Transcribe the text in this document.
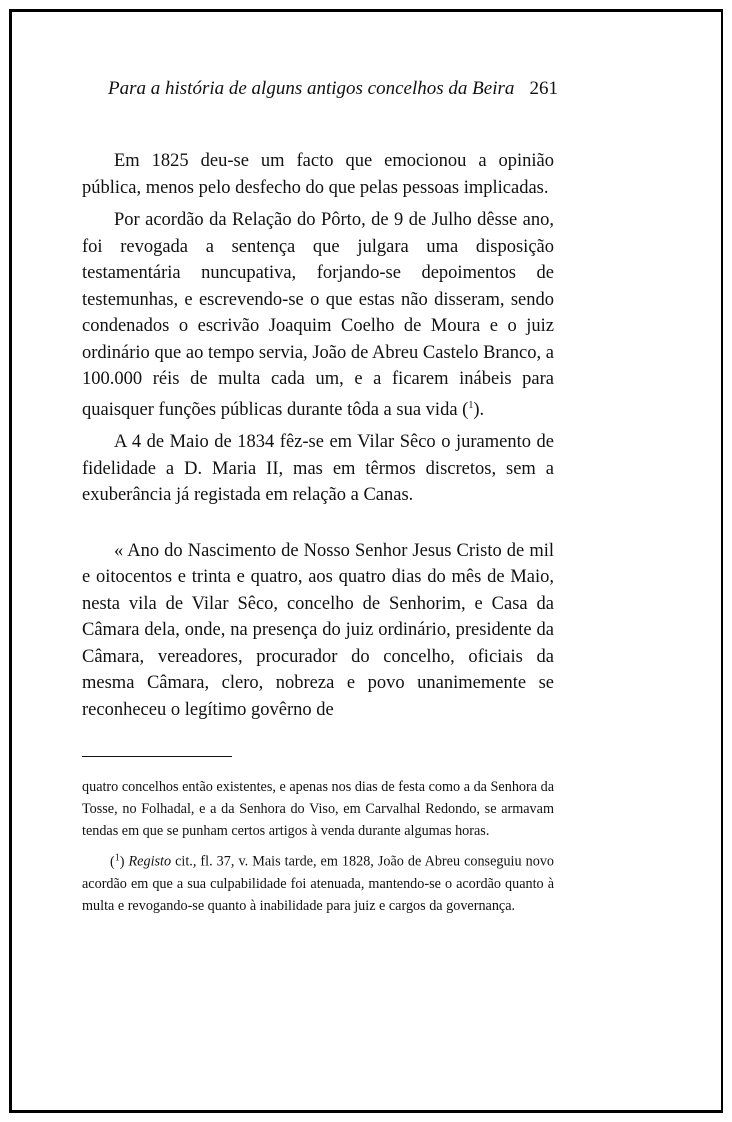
Para a história de alguns antigos concelhos da Beira 261

Em 1825 deu-se um facto que emocionou a opinião pública, menos pelo desfecho do que pelas pessoas implicadas.

Por acordão da Relação do Pôrto, de 9 de Julho dêsse ano, foi revogada a sentença que julgara uma disposição testamentária nuncupativa, forjando-se depoimentos de testemunhas, e escrevendo-se o que estas não disseram, sendo condenados o escrivão Joaquim Coelho de Moura e o juiz ordinário que ao tempo servia, João de Abreu Castelo Branco, a 100.000 réis de multa cada um, e a ficarem inábeis para quaisquer funções públicas durante tôda a sua vida ($^1$).

A 4 de Maio de 1834 fêz-se em Vilar Sêco o juramento de fidelidade a D. Maria II, mas em têrmos discretos, sem a exuberância já registada em relação a Canas.

« Ano do Nascimento de Nosso Senhor Jesus Cristo de mil e oitocentos e trinta e quatro, aos quatro dias do mês de Maio, nesta vila de Vilar Sêco, concelho de Senhorim, e Casa da Câmara dela, onde, na presença do juiz ordinário, presidente da Câmara, vereadores, procurador do concelho, oficiais da mesma Câmara, clero, nobreza e povo unanimemente se reconheceu o legítimo govêrno de

quatro concelhos então existentes, e apenas nos dias de festa como a da Senhora da Tosse, no Folhadal, e a da Senhora do Viso, em Carvalhal Redondo, se armavam tendas em que se punham certos artigos à venda durante algumas horas.

($^1$) Registo cit., fl. 37, v. Mais tarde, em 1828, João de Abreu conseguiu novo acordão em que a sua culpabilidade foi atenuada, mantendo-se o acordão quanto à multa e revogando-se quanto à inabilidade para juiz e cargos da governança.
